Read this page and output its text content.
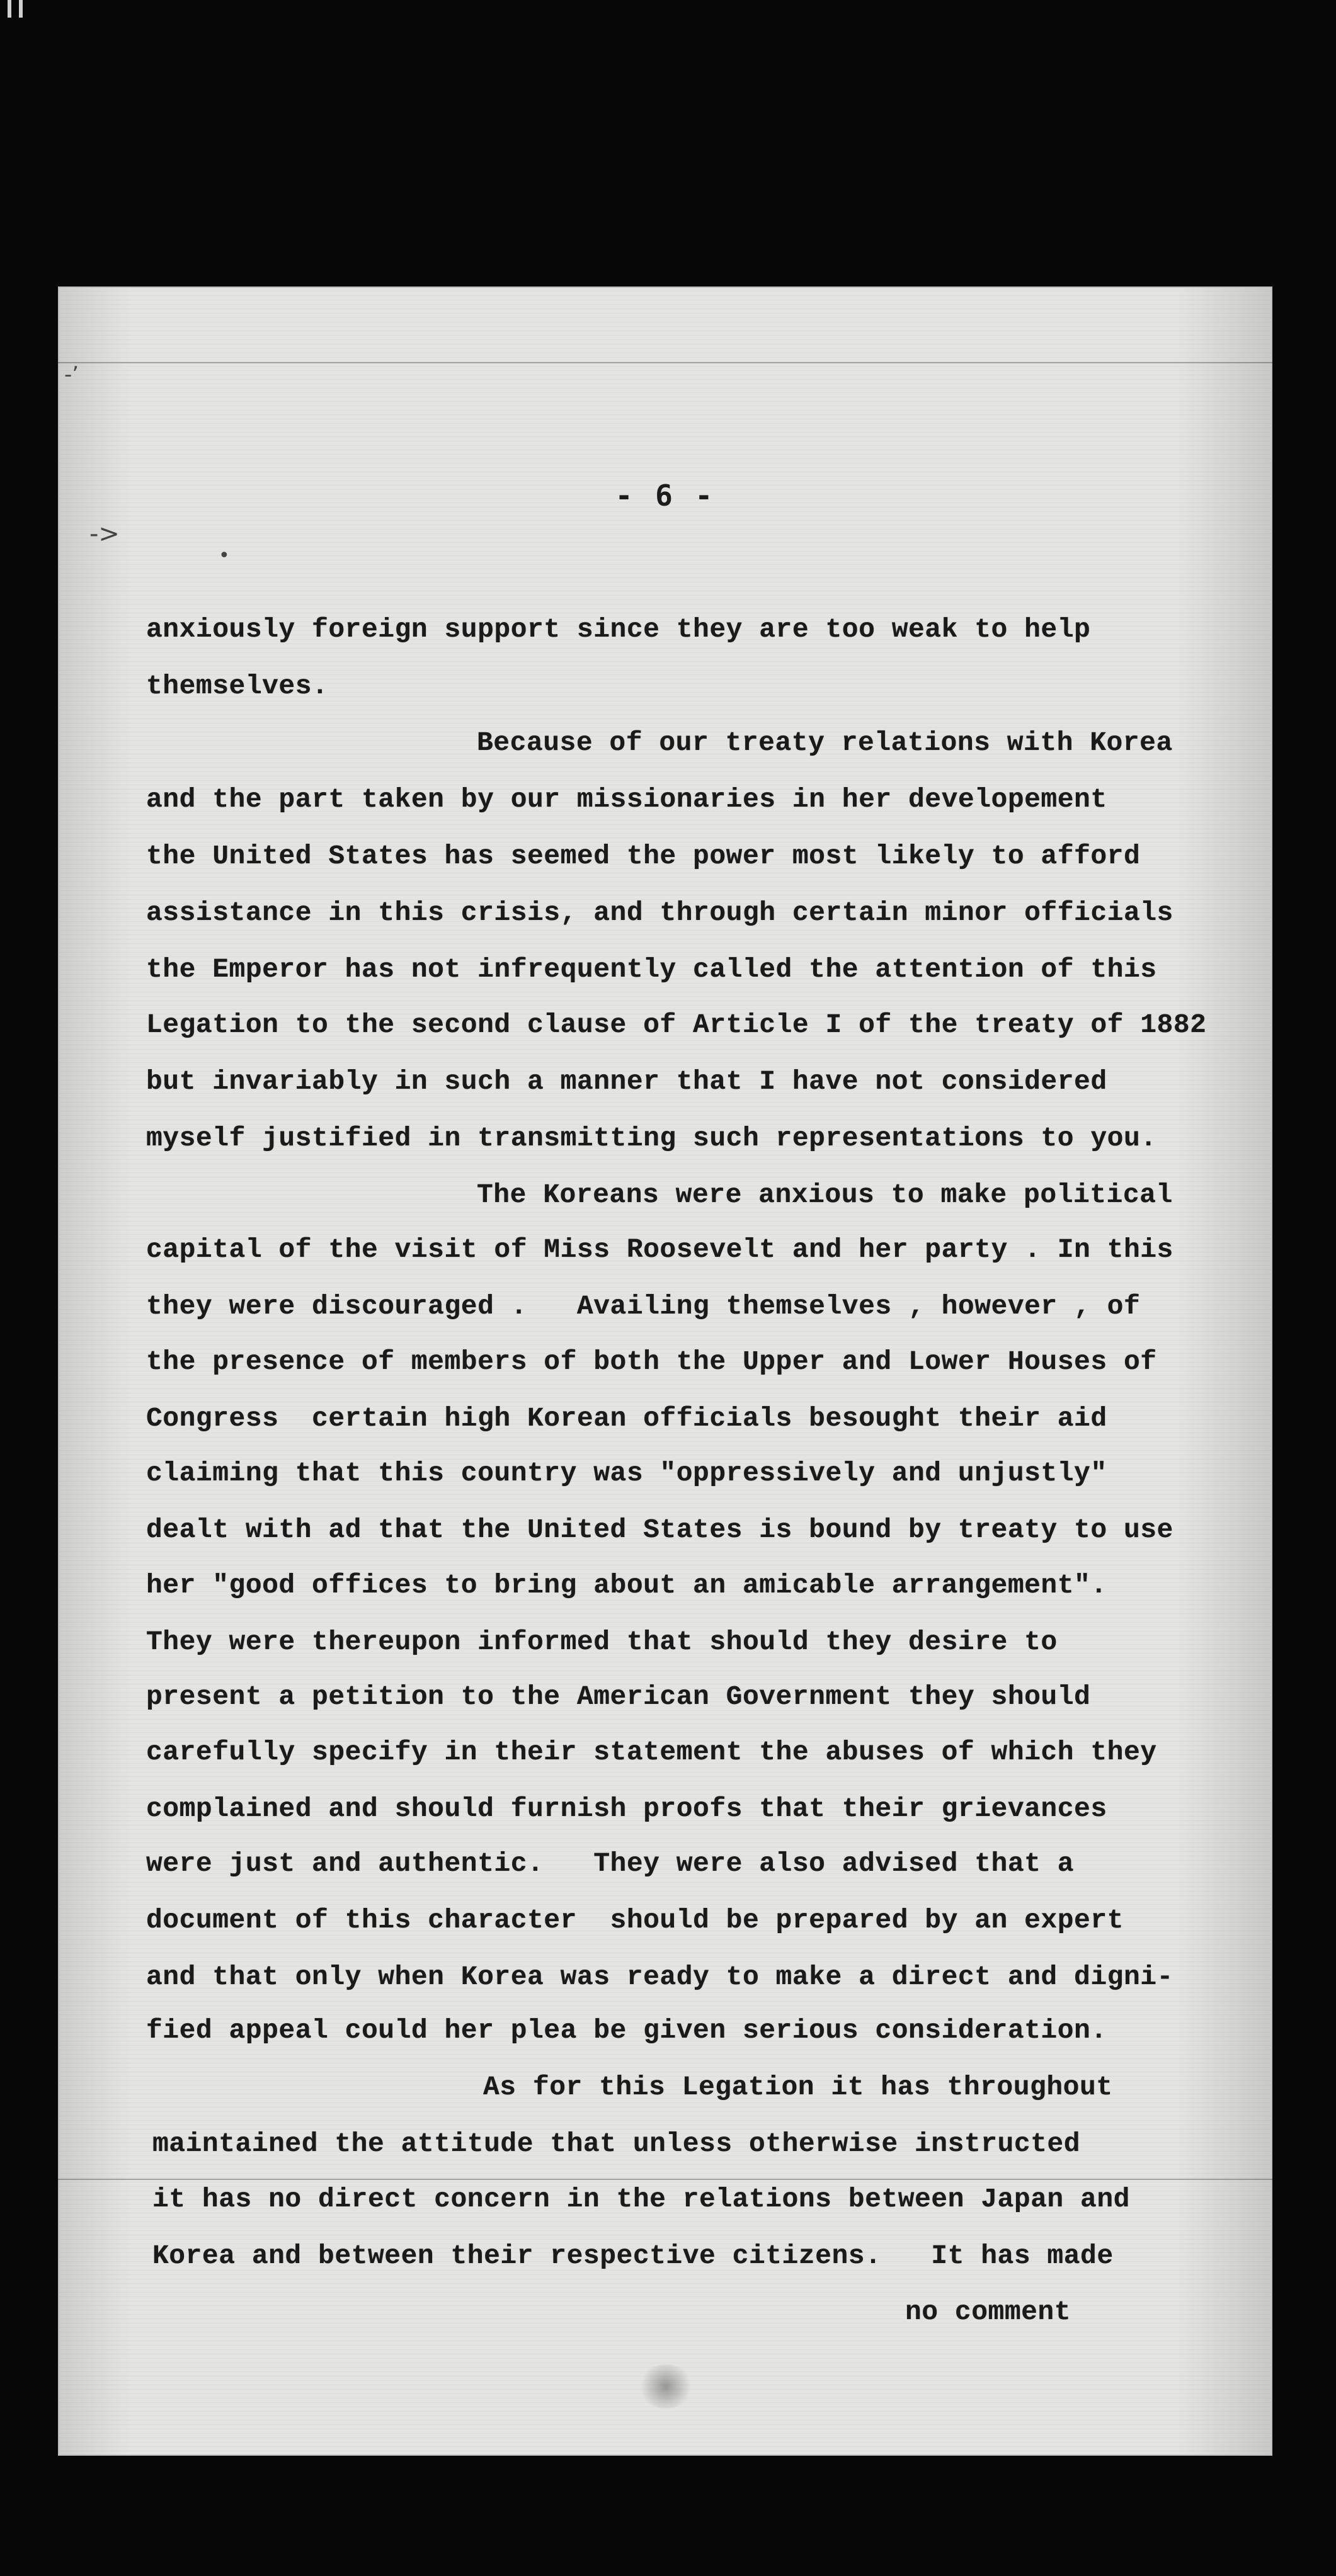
-’
->
•
- 6 -
anxiously foreign support since they are too weak to help
themselves.
Because of our treaty relations with Korea
and the part taken by our missionaries in her developement
the United States has seemed the power most likely to afford
assistance in this crisis, and through certain minor officials
the Emperor has not infrequently called the attention of this
Legation to the second clause of Article I of the treaty of 1882
but invariably in such a manner that I have not considered
myself justified in transmitting such representations to you.
The Koreans were anxious to make political
capital of the visit of Miss Roosevelt and her party . In this
they were discouraged .   Availing themselves , however , of
the presence of members of both the Upper and Lower Houses of
Congress  certain high Korean officials besought their aid
claiming that this country was "oppressively and unjustly"
dealt with ad that the United States is bound by treaty to use
her "good offices to bring about an amicable arrangement".
They were thereupon informed that should they desire to
present a petition to the American Government they should
carefully specify in their statement the abuses of which they
complained and should furnish proofs that their grievances
were just and authentic.   They were also advised that a
document of this character  should be prepared by an expert
and that only when Korea was ready to make a direct and digni-
fied appeal could her plea be given serious consideration.
As for this Legation it has throughout
maintained the attitude that unless otherwise instructed
it has no direct concern in the relations between Japan and
Korea and between their respective citizens.   It has made
no comment
